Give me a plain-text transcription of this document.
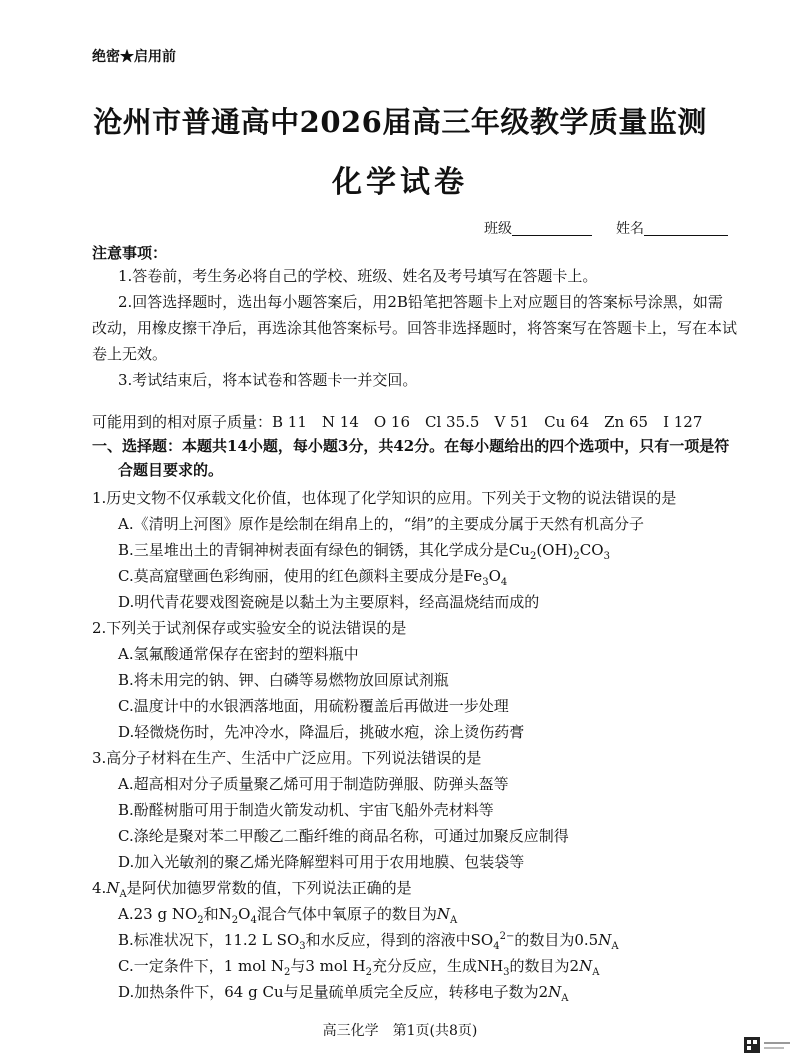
绝密★启用前
沧州市普通高中2026届高三年级教学质量监测
化学试卷
班级	姓名
注意事项：
1.答卷前，考生务必将自己的学校、班级、姓名及考号填写在答题卡上。
2.回答选择题时，选出每小题答案后，用2B铅笔把答题卡上对应题目的答案标号涂黑，如需
改动，用橡皮擦干净后，再选涂其他答案标号。回答非选择题时，将答案写在答题卡上，写在本试
卷上无效。
3.考试结束后，将本试卷和答题卡一并交回。
可能用到的相对原子质量：B 11　N 14　O 16　Cl 35.5　V 51　Cu 64　Zn 65　I 127
一、选择题：本题共14小题，每小题3分，共42分。在每小题给出的四个选项中，只有一项是符
合题目要求的。
1.历史文物不仅承载文化价值，也体现了化学知识的应用。下列关于文物的说法错误的是
A.《清明上河图》原作是绘制在绢帛上的，“绢”的主要成分属于天然有机高分子
B.三星堆出土的青铜神树表面有绿色的铜锈，其化学成分是$Cu_2(OH)_2CO_3$
C.莫高窟壁画色彩绚丽，使用的红色颜料主要成分是$Fe_3O_4$
D.明代青花婴戏图瓷碗是以黏土为主要原料，经高温烧结而成的
2.下列关于试剂保存或实验安全的说法错误的是
A.氢氟酸通常保存在密封的塑料瓶中
B.将未用完的钠、钾、白磷等易燃物放回原试剂瓶
C.温度计中的水银洒落地面，用硫粉覆盖后再做进一步处理
D.轻微烧伤时，先冲冷水，降温后，挑破水疱，涂上烫伤药膏
3.高分子材料在生产、生活中广泛应用。下列说法错误的是
A.超高相对分子质量聚乙烯可用于制造防弹服、防弹头盔等
B.酚醛树脂可用于制造火箭发动机、宇宙飞船外壳材料等
C.涤纶是聚对苯二甲酸乙二酯纤维的商品名称，可通过加聚反应制得
D.加入光敏剂的聚乙烯光降解塑料可用于农用地膜、包装袋等
$4.N_A$是阿伏加德罗常数的值，下列说法正确的是
A.23 g $NO_2$和$N_2O_4$混合气体中氧原子的数目为$N_A$
B.标准状况下，11.2 L $SO_3$和水反应，得到的溶液中$SO_4^{2-}$的数目为$0.5N_A$
C.一定条件下，1 mol $N_2$与3 mol $H_2$充分反应，生成$NH_3$的数目为$2N_A$
D.加热条件下，64 g Cu与足量硫单质完全反应，转移电子数为$2N_A$
高三化学　第1页(共8页)
